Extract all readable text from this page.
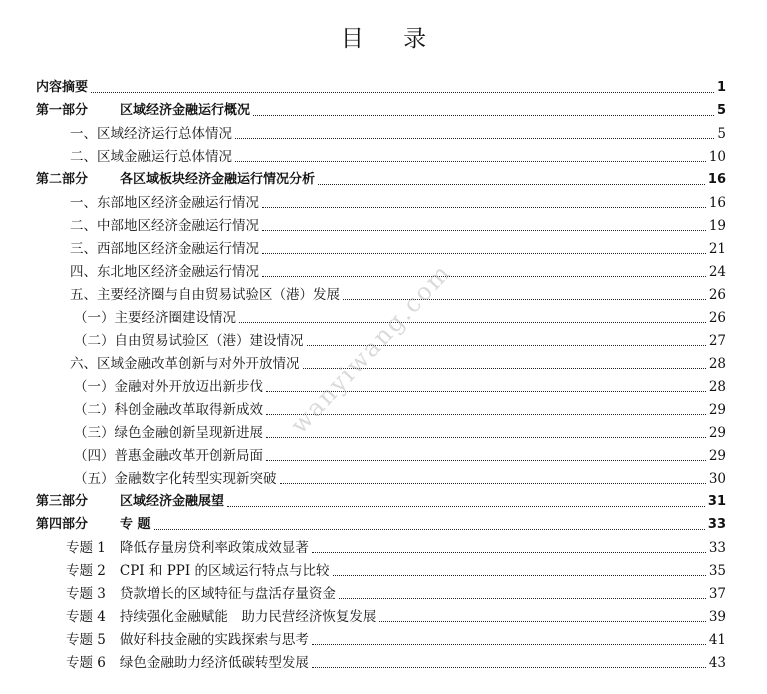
目 录
内容摘要	1
第一部分 区域经济金融运行概况	5
一、区域经济运行总体情况	5
二、区域金融运行总体情况	10
第二部分 各区域板块经济金融运行情况分析	16
一、东部地区经济金融运行情况	16
二、中部地区经济金融运行情况	19
三、西部地区经济金融运行情况	21
四、东北地区经济金融运行情况	24
五、主要经济圈与自由贸易试验区（港）发展	26
（一）主要经济圈建设情况	26
（二）自由贸易试验区（港）建设情况	27
六、区域金融改革创新与对外开放情况	28
（一）金融对外开放迈出新步伐	28
（二）科创金融改革取得新成效	29
（三）绿色金融创新呈现新进展	29
（四）普惠金融改革开创新局面	29
（五）金融数字化转型实现新突破	30
第三部分 区域经济金融展望	31
第四部分 专 题	33
专题 1 降低存量房贷利率政策成效显著	33
专题 2 CPI 和 PPI 的区域运行特点与比较	35
专题 3 贷款增长的区域特征与盘活存量资金	37
专题 4 持续强化金融赋能　助力民营经济恢复发展	39
专题 5 做好科技金融的实践探索与思考	41
专题 6 绿色金融助力经济低碳转型发展	43
wanyiwang.com
